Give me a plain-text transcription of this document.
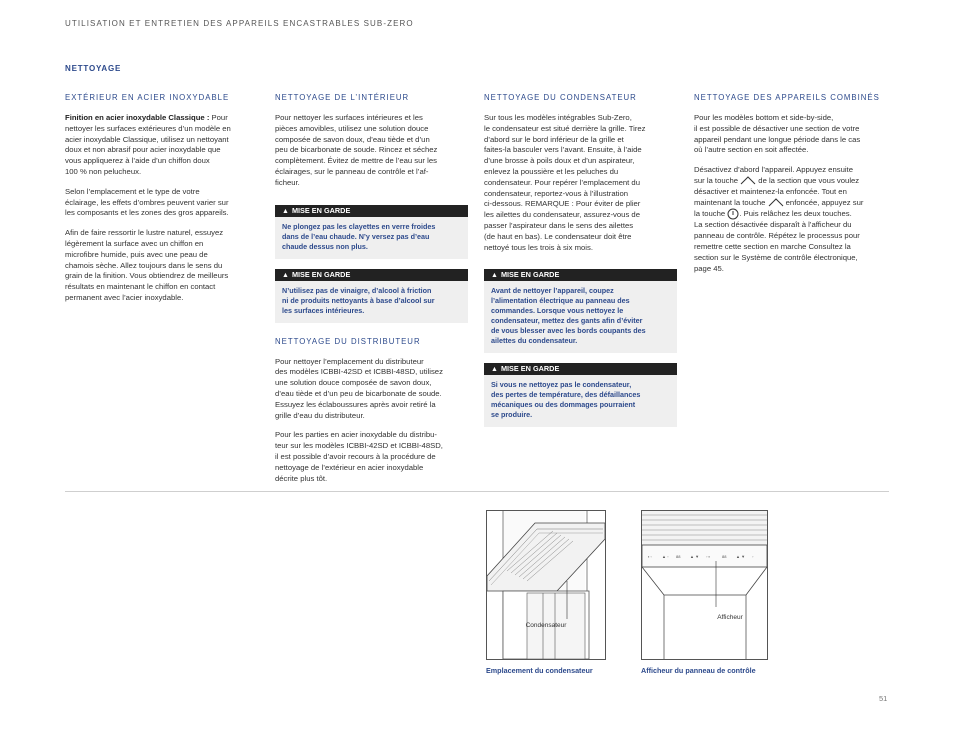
UTILISATION ET ENTRETIEN DES APPAREILS ENCASTRABLES SUB-ZERO
NETTOYAGE
EXTÉRIEUR EN ACIER INOXYDABLE

Finition en acier inoxydable Classique : Pour
nettoyer les surfaces extérieures d’un modèle en
acier inoxydable Classique, utilisez un nettoyant
doux et non abrasif pour acier inoxydable que
vous appliquerez à l’aide d’un chiffon doux
100 % non pelucheux.

Selon l’emplacement et le type de votre
éclairage, les effets d’ombres peuvent varier sur
les composants et les zones des gros appareils.

Afin de faire ressortir le lustre naturel, essuyez
légèrement la surface avec un chiffon en
microfibre humide, puis avec une peau de
chamois sèche. Allez toujours dans le sens du
grain de la finition. Vous obtiendrez de meilleurs
résultats en maintenant le chiffon en contact
permanent avec l’acier inoxydable.

NETTOYAGE DE L’INTÉRIEUR

Pour nettoyer les surfaces intérieures et les
pièces amovibles, utilisez une solution douce
composée de savon doux, d’eau tiède et d’un
peu de bicarbonate de soude. Rincez et séchez
complètement. Évitez de mettre de l’eau sur les
éclairages, sur le panneau de contrôle et l’af-
ficheur.

▲ MISE EN GARDE
Ne plongez pas les clayettes en verre froides
dans de l’eau chaude. N’y versez pas d’eau
chaude dessus non plus.
▲ MISE EN GARDE
N’utilisez pas de vinaigre, d’alcool à friction
ni de produits nettoyants à base d’alcool sur
les surfaces intérieures.
NETTOYAGE DU DISTRIBUTEUR

Pour nettoyer l’emplacement du distributeur
des modèles ICBBI-42SD et ICBBI-48SD, utilisez
une solution douce composée de savon doux,
d’eau tiède et d’un peu de bicarbonate de soude.
Essuyez les éclaboussures après avoir retiré la
grille d’eau du distributeur.

Pour les parties en acier inoxydable du distribu-
teur sur les modèles ICBBI-42SD et ICBBI-48SD,
il est possible d’avoir recours à la procédure de
nettoyage de l’extérieur en acier inoxydable
décrite plus tôt.

NETTOYAGE DU CONDENSATEUR

Sur tous les modèles intégrables Sub-Zero,
le condensateur est situé derrière la grille. Tirez
d’abord sur le bord inférieur de la grille et
faites-la basculer vers l’avant. Ensuite, à l’aide
d’une brosse à poils doux et d’un aspirateur,
enlevez la poussière et les peluches du
condensateur. Pour repérer l’emplacement du
condensateur, reportez-vous à l’illustration
ci-dessous. REMARQUE : Pour éviter de plier
les ailettes du condensateur, assurez-vous de
passer l’aspirateur dans le sens des ailettes
(de haut en bas). Le condensateur doit être
nettoyé tous les trois à six mois.

▲ MISE EN GARDE
Avant de nettoyer l’appareil, coupez
l’alimentation électrique au panneau des
commandes. Lorsque vous nettoyez le
condensateur, mettez des gants afin d’éviter
de vous blesser avec les bords coupants des
ailettes du condensateur.
▲ MISE EN GARDE
Si vous ne nettoyez pas le condensateur,
des pertes de température, des défaillances
mécaniques ou des dommages pourraient
se produire.
NETTOYAGE DES APPAREILS COMBINÉS

Pour les modèles bottom et side-by-side,
il est possible de désactiver une section de votre
appareil pendant une longue période dans le cas
où l’autre section en soit affectée.

Désactivez d’abord l’appareil. Appuyez ensuite
sur la touche	de la section que vous voulez
désactiver et maintenez-la enfoncée. Tout en
maintenant la touche	enfoncée, appuyez sur
la touche . Puis relâchez les deux touches.
La section désactivée disparaît à l’afficheur du
panneau de contrôle. Répétez le processus pour
remettre cette section en marche Consultez la
section sur le Système de contrôle électronique,
page 45.

Condensateur
Emplacement du condensateur
▪ ◦	▲ ◦ 88 ▲ ▼ ◦ ▪	88 ▲ ▼ ◦
Afficheur
Afficheur du panneau de contrôle
51
